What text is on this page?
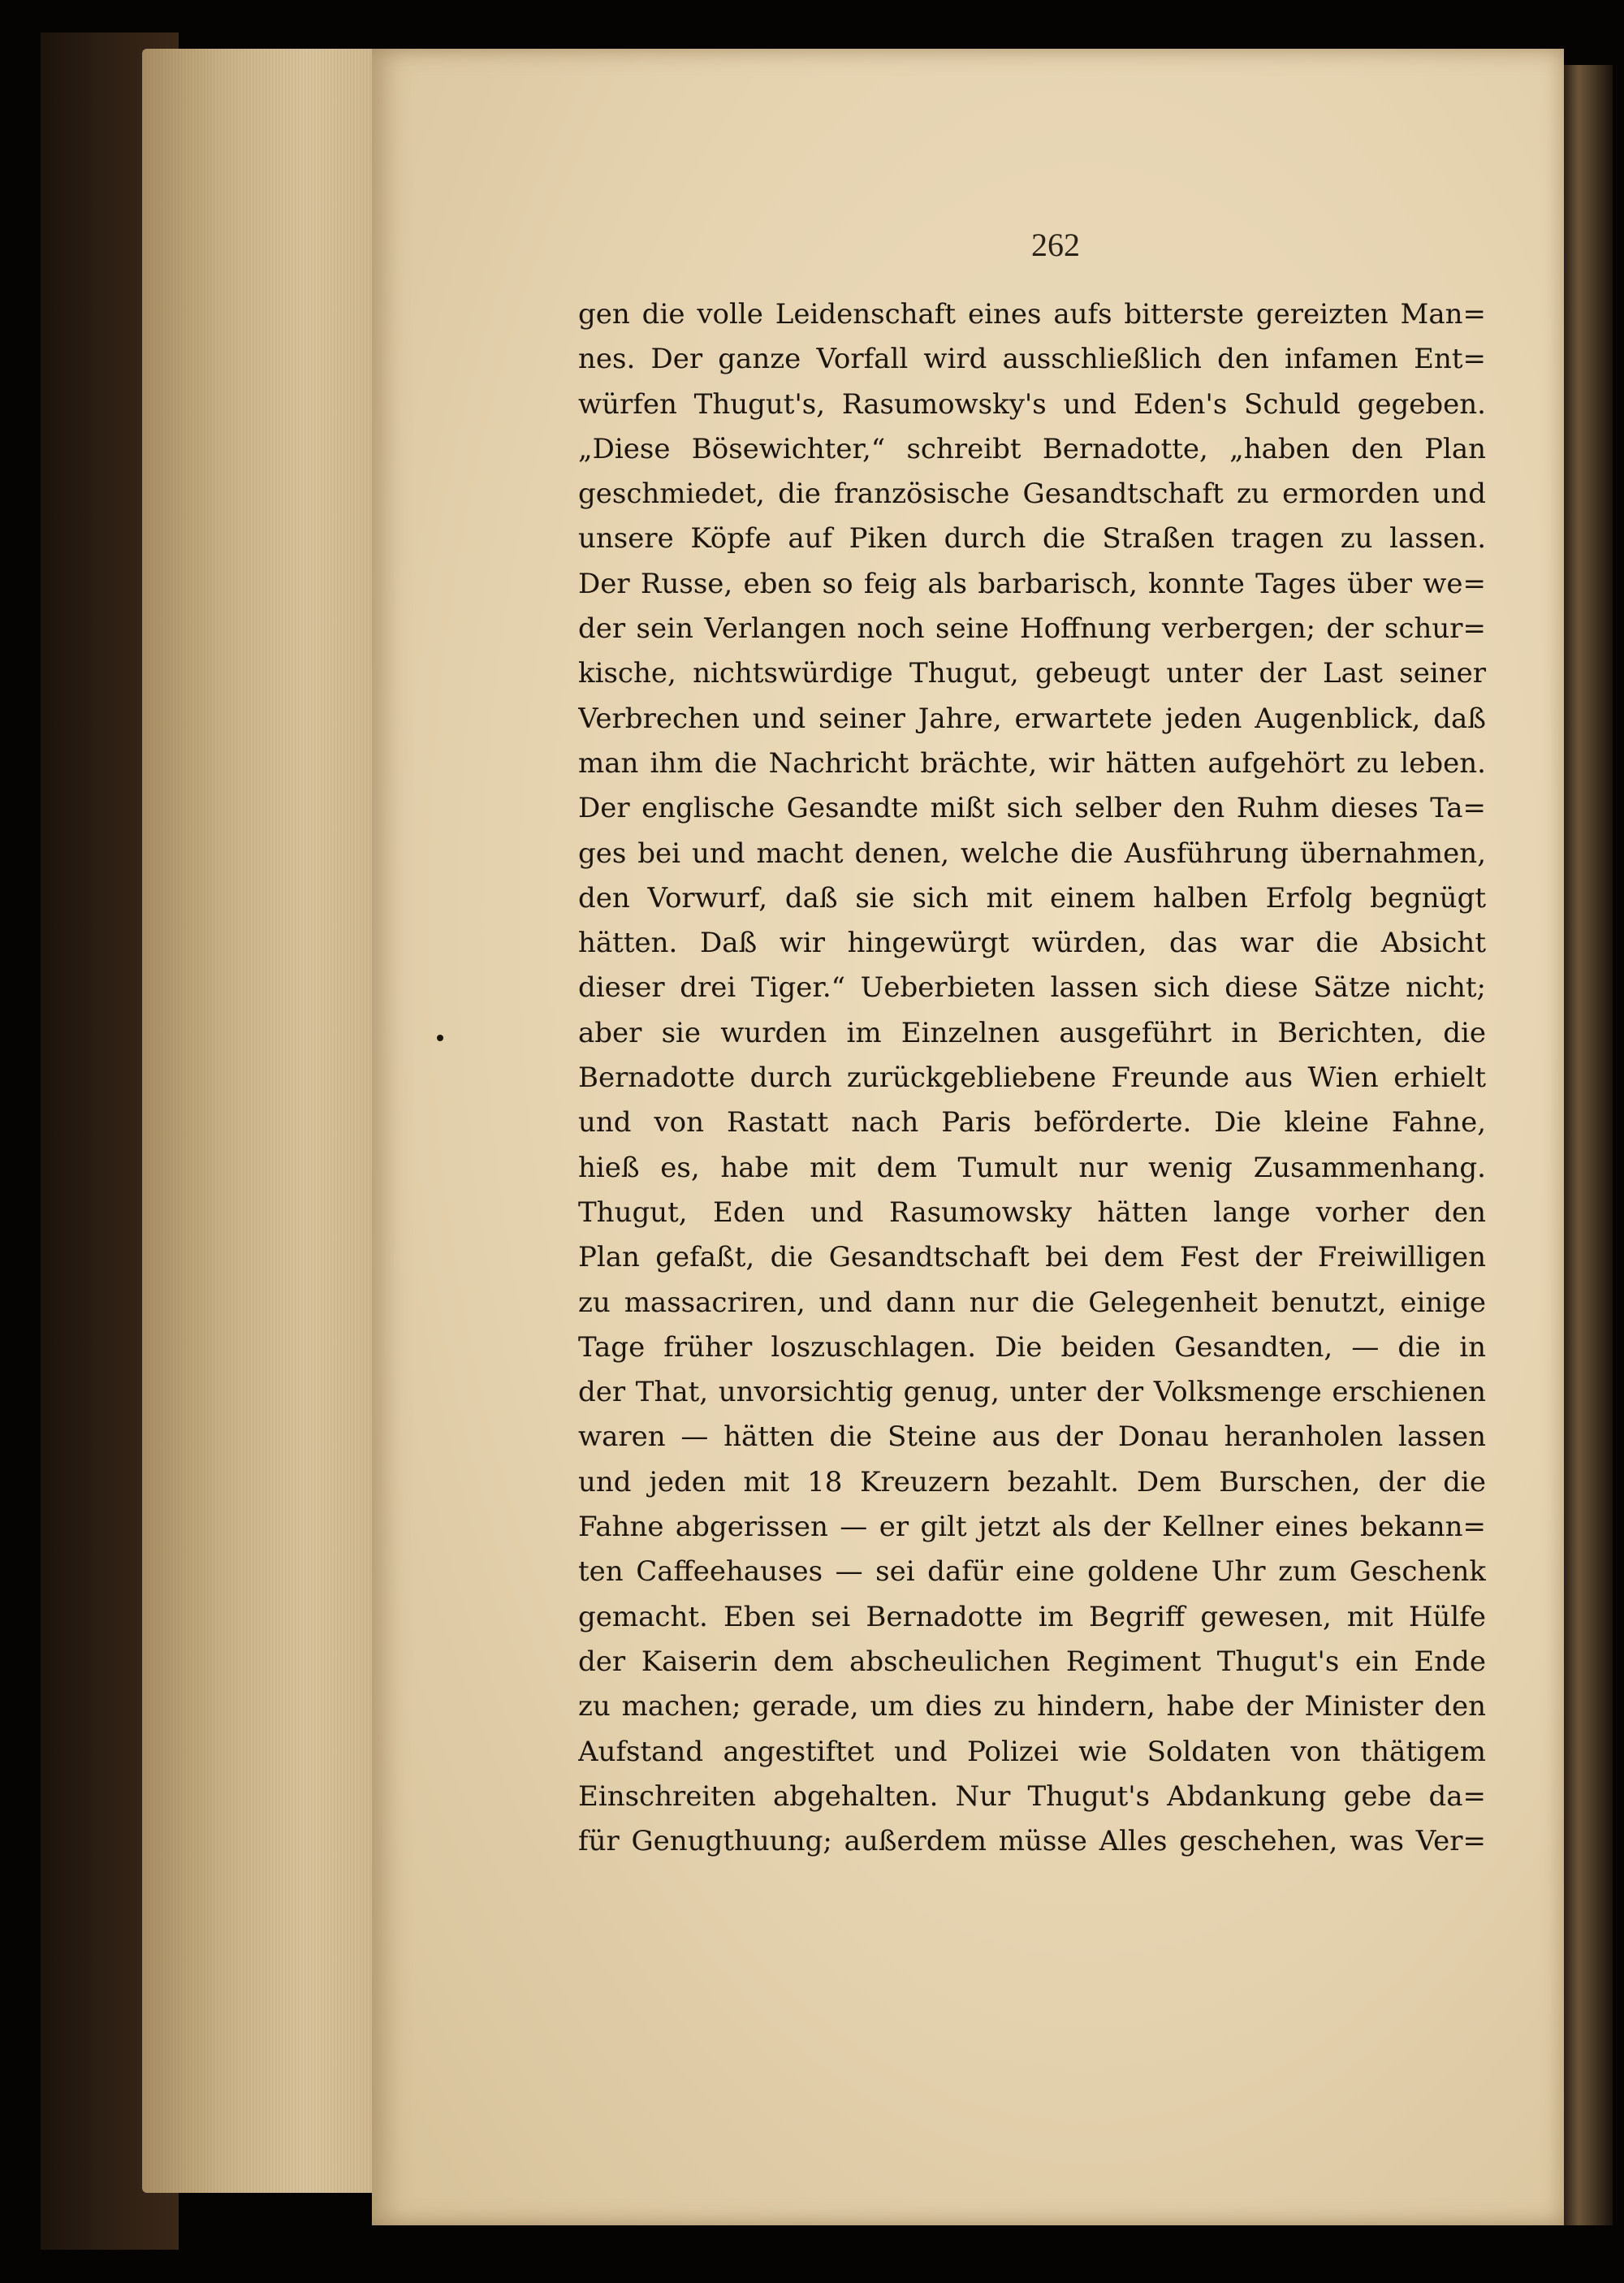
262
gen die volle Leidenschaft eines aufs bitterste gereizten Man=
nes. Der ganze Vorfall wird ausschließlich den infamen Ent=
würfen Thugut's, Rasumowsky's und Eden's Schuld gegeben.
„Diese Bösewichter,“ schreibt Bernadotte, „haben den Plan
geschmiedet, die französische Gesandtschaft zu ermorden und
unsere Köpfe auf Piken durch die Straßen tragen zu lassen.
Der Russe, eben so feig als barbarisch, konnte Tages über we=
der sein Verlangen noch seine Hoffnung verbergen; der schur=
kische, nichtswürdige Thugut, gebeugt unter der Last seiner
Verbrechen und seiner Jahre, erwartete jeden Augenblick, daß
man ihm die Nachricht brächte, wir hätten aufgehört zu leben.
Der englische Gesandte mißt sich selber den Ruhm dieses Ta=
ges bei und macht denen, welche die Ausführung übernahmen,
den Vorwurf, daß sie sich mit einem halben Erfolg begnügt
hätten. Daß wir hingewürgt würden, das war die Absicht
dieser drei Tiger.“ Ueberbieten lassen sich diese Sätze nicht;
aber sie wurden im Einzelnen ausgeführt in Berichten, die
Bernadotte durch zurückgebliebene Freunde aus Wien erhielt
und von Rastatt nach Paris beförderte. Die kleine Fahne,
hieß es, habe mit dem Tumult nur wenig Zusammenhang.
Thugut, Eden und Rasumowsky hätten lange vorher den
Plan gefaßt, die Gesandtschaft bei dem Fest der Freiwilligen
zu massacriren, und dann nur die Gelegenheit benutzt, einige
Tage früher loszuschlagen. Die beiden Gesandten, — die in
der That, unvorsichtig genug, unter der Volksmenge erschienen
waren — hätten die Steine aus der Donau heranholen lassen
und jeden mit 18 Kreuzern bezahlt. Dem Burschen, der die
Fahne abgerissen — er gilt jetzt als der Kellner eines bekann=
ten Caffeehauses — sei dafür eine goldene Uhr zum Geschenk
gemacht. Eben sei Bernadotte im Begriff gewesen, mit Hülfe
der Kaiserin dem abscheulichen Regiment Thugut's ein Ende
zu machen; gerade, um dies zu hindern, habe der Minister den
Aufstand angestiftet und Polizei wie Soldaten von thätigem
Einschreiten abgehalten. Nur Thugut's Abdankung gebe da=
für Genugthuung; außerdem müsse Alles geschehen, was Ver=
